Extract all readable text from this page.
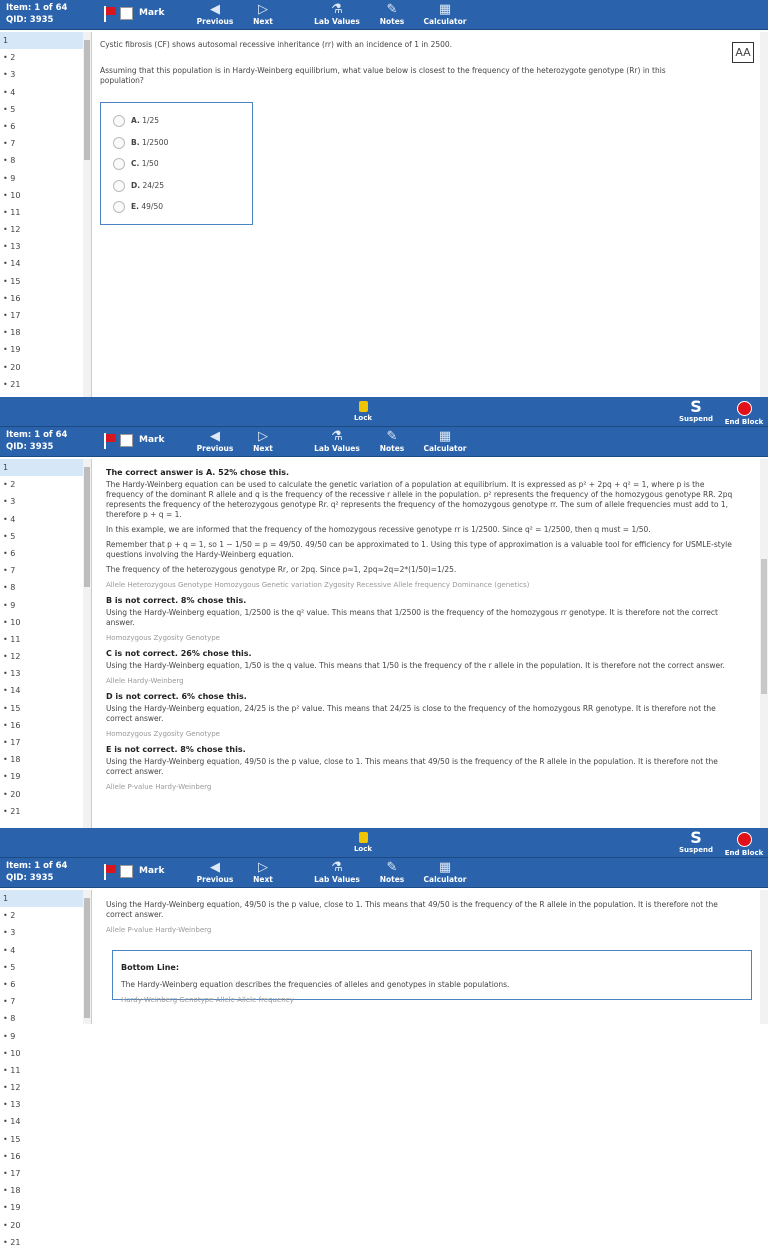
Item: 1 of 64
QID: 3935
Mark	◀
Previous
▷
Next
⚗
Lab Values
✎
Notes
▦
Calculator
1
• 2
• 3
• 4
• 5
• 6
• 7
• 8
• 9
• 10
• 11
• 12
• 13
• 14
• 15
• 16
• 17
• 18
• 19
• 20
• 21

Cystic fibrosis (CF) shows autosomal recessive inheritance (rr) with an incidence of 1 in 2500.

Assuming that this population is in Hardy-Weinberg equilibrium, what value below is closest to the frequency of the heterozygote genotype (Rr) in this population?

AA
A. 1/25
B. 1/2500
C. 1/50
D. 24/25
E. 49/50
Lock
S
Suspend	End Block
Item: 1 of 64
QID: 3935
Mark	◀
Previous
▷
Next
⚗
Lab Values
✎
Notes
▦
Calculator
1
• 2
• 3
• 4
• 5
• 6
• 7
• 8
• 9
• 10
• 11
• 12
• 13
• 14
• 15
• 16
• 17
• 18
• 19
• 20
• 21
The correct answer is A. 52% chose this.

The Hardy-Weinberg equation can be used to calculate the genetic variation of a population at equilibrium. It is expressed as p² + 2pq + q² = 1, where p is the frequency of the dominant R allele and q is the frequency of the recessive r allele in the population. p² represents the frequency of the homozygous genotype RR. 2pq represents the frequency of the heterozygous genotype Rr. q² represents the frequency of the homozygous genotype rr. The sum of allele frequencies must add to 1, therefore p + q = 1.

In this example, we are informed that the frequency of the homozygous recessive genotype rr is 1/2500. Since q² = 1/2500, then q must = 1/50.

Remember that p + q = 1, so 1 − 1/50 = p = 49/50. 49/50 can be approximated to 1. Using this type of approximation is a valuable tool for efficiency for USMLE-style questions involving the Hardy-Weinberg equation.

The frequency of the heterozygous genotype Rr, or 2pq. Since p≈1, 2pq≈2q=2*(1/50)=1/25.

Allele Heterozygous Genotype Homozygous Genetic variation Zygosity Recessive Allele frequency Dominance (genetics)
B is not correct. 8% chose this.

Using the Hardy-Weinberg equation, 1/2500 is the q² value. This means that 1/2500 is the frequency of the homozygous rr genotype. It is therefore not the correct answer.

Homozygous Zygosity Genotype
C is not correct. 26% chose this.

Using the Hardy-Weinberg equation, 1/50 is the q value. This means that 1/50 is the frequency of the r allele in the population. It is therefore not the correct answer.

Allele Hardy-Weinberg
D is not correct. 6% chose this.

Using the Hardy-Weinberg equation, 24/25 is the p² value. This means that 24/25 is close to the frequency of the homozygous RR genotype. It is therefore not the correct answer.

Homozygous Zygosity Genotype
E is not correct. 8% chose this.

Using the Hardy-Weinberg equation, 49/50 is the p value, close to 1. This means that 49/50 is the frequency of the R allele in the population. It is therefore not the correct answer.

Allele P-value Hardy-Weinberg
Lock
S
Suspend	End Block
Item: 1 of 64
QID: 3935
Mark	◀
Previous
▷
Next
⚗
Lab Values
✎
Notes
▦
Calculator
1
• 2
• 3
• 4
• 5
• 6
• 7
• 8
• 9
• 10
• 11
• 12
• 13
• 14
• 15
• 16
• 17
• 18
• 19
• 20
• 21

Using the Hardy-Weinberg equation, 49/50 is the p value, close to 1. This means that 49/50 is the frequency of the R allele in the population. It is therefore not the correct answer.

Allele P-value Hardy-Weinberg
Bottom Line:

The Hardy-Weinberg equation describes the frequencies of alleles and genotypes in stable populations.

Hardy-Weinberg Genotype Allele Allele frequency
